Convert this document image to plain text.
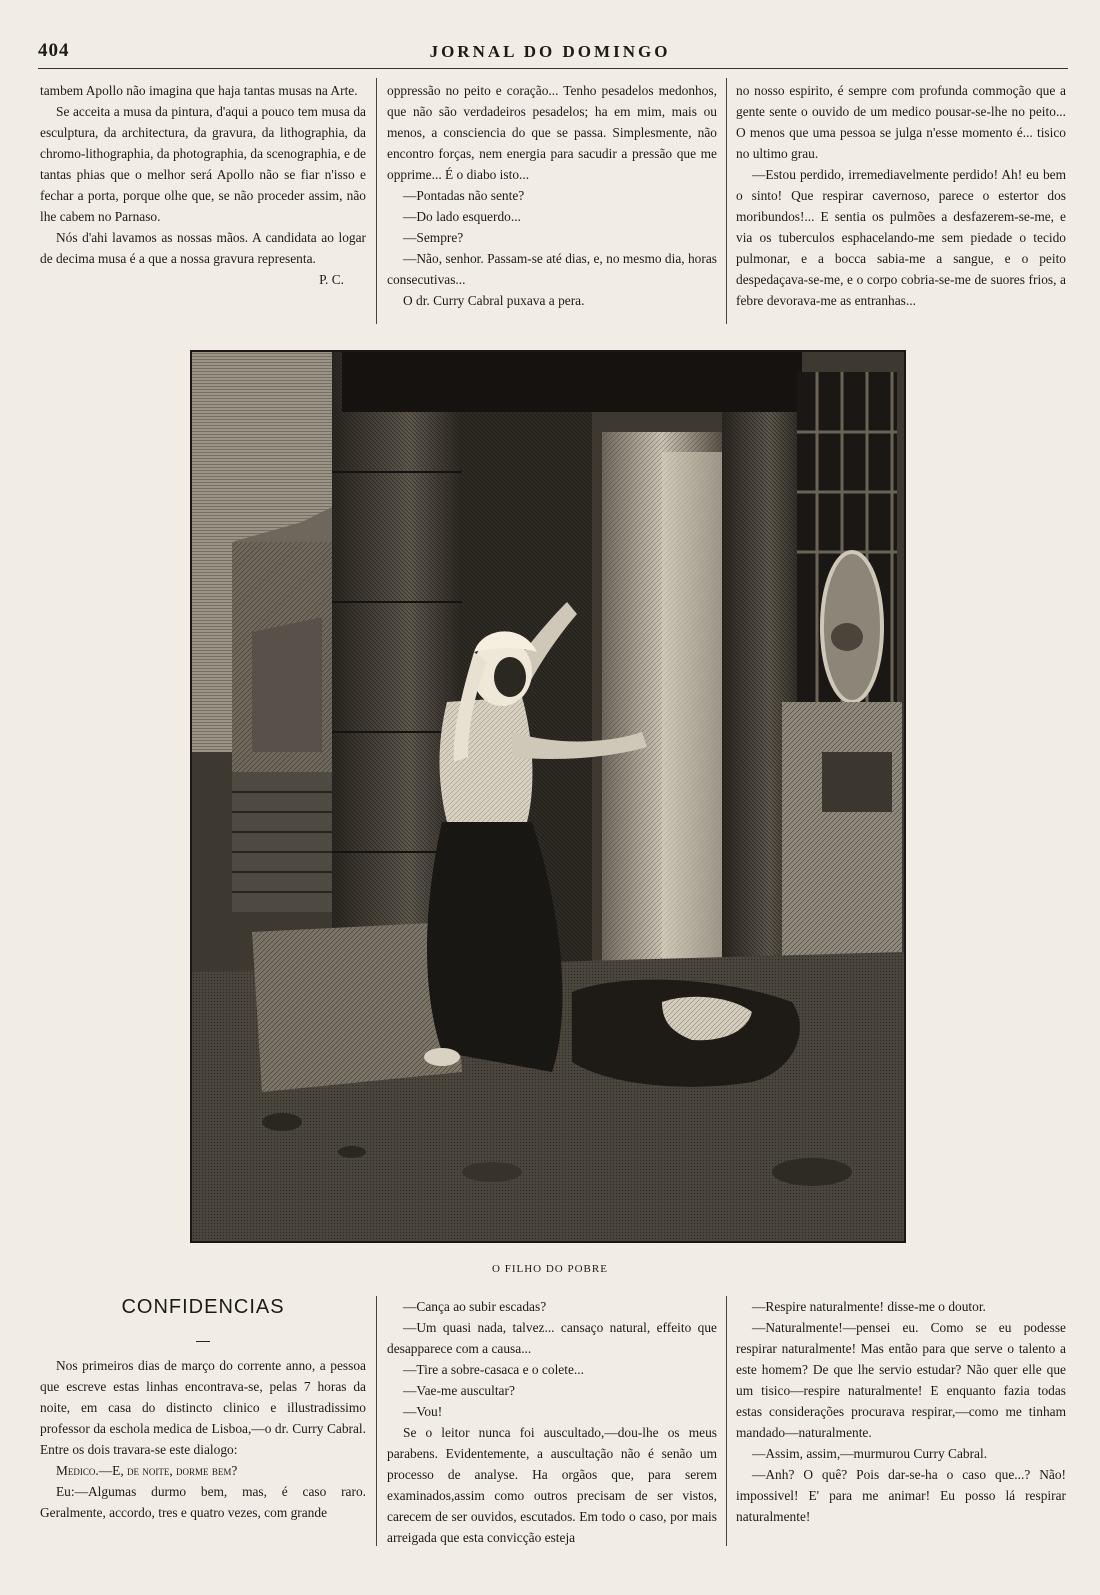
404	JORNAL DO DOMINGO

tambem Apollo não imagina que haja tantas musas na Arte.

Se acceita a musa da pintura, d'aqui a pouco tem musa da esculptura, da architectura, da gravura, da lithographia, da chromo-lithographia, da photographia, da scenographia, e de tantas phias que o melhor será Apollo não se fiar n'isso e fechar a porta, porque olhe que, se não proceder assim, não lhe cabem no Parnaso.

Nós d'ahi lavamos as nossas mãos. A candidata ao logar de decima musa é a que a nossa gravura representa.

P. C.

oppressão no peito e coração... Tenho pesadelos medonhos, que não são verdadeiros pesadelos; ha em mim, mais ou menos, a consciencia do que se passa. Simplesmente, não encontro forças, nem energia para sacudir a pressão que me opprime... É o diabo isto...

—Pontadas não sente?

—Do lado esquerdo...

—Sempre?

—Não, senhor. Passam-se até dias, e, no mesmo dia, horas consecutivas...

O dr. Curry Cabral puxava a pera.

no nosso espirito, é sempre com profunda commoção que a gente sente o ouvido de um medico pousar-se-lhe no peito... O menos que uma pessoa se julga n'esse momento é... tisico no ultimo grau.

—Estou perdido, irremediavelmente perdido! Ah! eu bem o sinto! Que respirar cavernoso, parece o estertor dos moribundos!... E sentia os pulmões a desfazerem-se-me, e via os tuberculos esphacelando-me sem piedade o tecido pulmonar, e a bocca sabia-me a sangue, e o peito despedaçava-se-me, e o corpo cobria-se-me de suores frios, a febre devorava-me as entranhas...

O FILHO DO POBRE
CONFIDENCIAS

Nos primeiros dias de março do corrente anno, a pessoa que escreve estas linhas encontrava-se, pelas 7 horas da noite, em casa do distincto clinico e illustradissimo professor da eschola medica de Lisboa,—o dr. Curry Cabral. Entre os dois travara-se este dialogo:

Medico.—E, de noite, dorme bem?

Eu:—Algumas durmo bem, mas, é caso raro. Geralmente, accordo, tres e quatro vezes, com grande

—Cança ao subir escadas?

—Um quasi nada, talvez... cansaço natural, effeito que desapparece com a causa...

—Tire a sobre-casaca e o colete...

—Vae-me auscultar?

—Vou!

Se o leitor nunca foi auscultado,—dou-lhe os meus parabens. Evidentemente, a auscultação não é senão um processo de analyse. Ha orgãos que, para serem examinados,assim como outros precisam de ser vistos, carecem de ser ouvidos, escutados. Em todo o caso, por mais arreigada que esta convicção esteja

—Respire naturalmente! disse-me o doutor.

—Naturalmente!—pensei eu. Como se eu podesse respirar naturalmente! Mas então para que serve o talento a este homem? De que lhe servio estudar? Não quer elle que um tisico—respire naturalmente! E enquanto fazia todas estas considerações procurava respirar,—como me tinham mandado—naturalmente.

—Assim, assim,—murmurou Curry Cabral.

—Anh? O quê? Pois dar-se-ha o caso que...? Não! impossivel! E' para me animar! Eu posso lá respirar naturalmente!
